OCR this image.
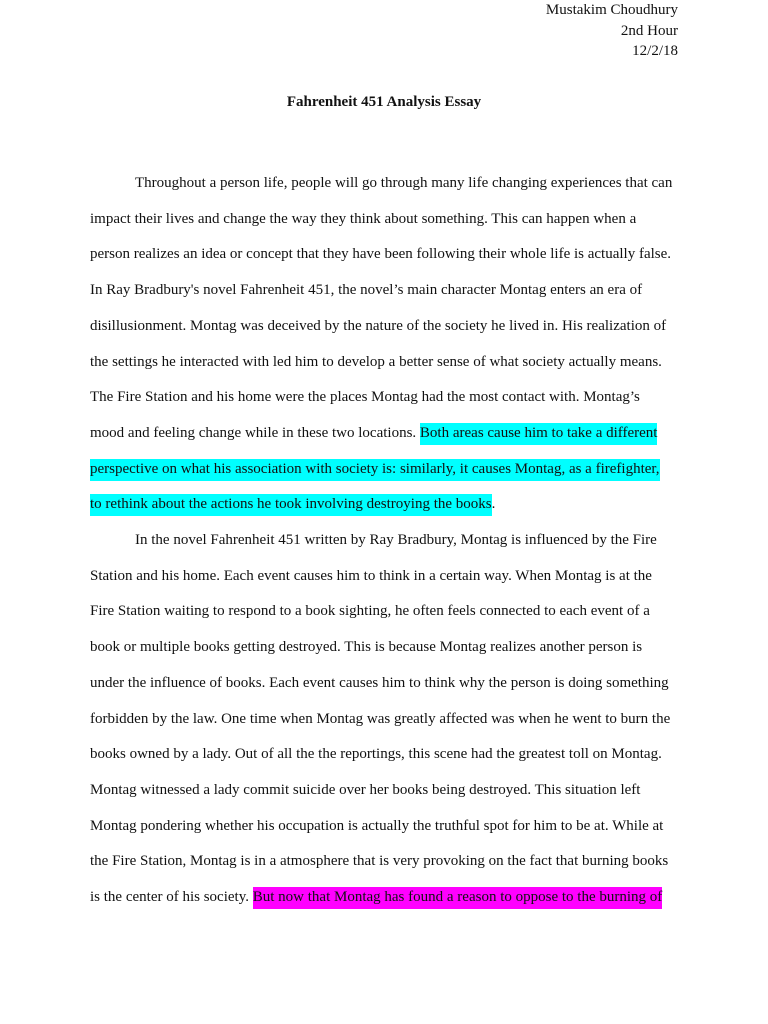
Mustakim Choudhury
2nd Hour
12/2/18
Fahrenheit 451 Analysis Essay
Throughout a person life, people will go through many life changing experiences that can
impact their lives and change the way they think about something. This can happen when a
person realizes an idea or concept that they have been following their whole life is actually false.
In Ray Bradbury's novel Fahrenheit 451, the novel’s main character Montag enters an era of
disillusionment. Montag was deceived by the nature of the society he lived in. His realization of
the settings he interacted with led him to develop a better sense of what society actually means.
The Fire Station and his home were the places Montag had the most contact with. Montag’s
mood and feeling change while in these two locations. Both areas cause him to take a different
perspective on what his association with society is: similarly, it causes Montag, as a firefighter,
to rethink about the actions he took involving destroying the books.
In the novel Fahrenheit 451 written by Ray Bradbury, Montag is influenced by the Fire
Station and his home. Each event causes him to think in a certain way. When Montag is at the
Fire Station waiting to respond to a book sighting, he often feels connected to each event of a
book or multiple books getting destroyed. This is because Montag realizes another person is
under the influence of books. Each event causes him to think why the person is doing something
forbidden by the law. One time when Montag was greatly affected was when he went to burn the
books owned by a lady. Out of all the the reportings, this scene had the greatest toll on Montag.
Montag witnessed a lady commit suicide over her books being destroyed. This situation left
Montag pondering whether his occupation is actually the truthful spot for him to be at. While at
the Fire Station, Montag is in a atmosphere that is very provoking on the fact that burning books
is the center of his society. But now that Montag has found a reason to oppose to the burning of
